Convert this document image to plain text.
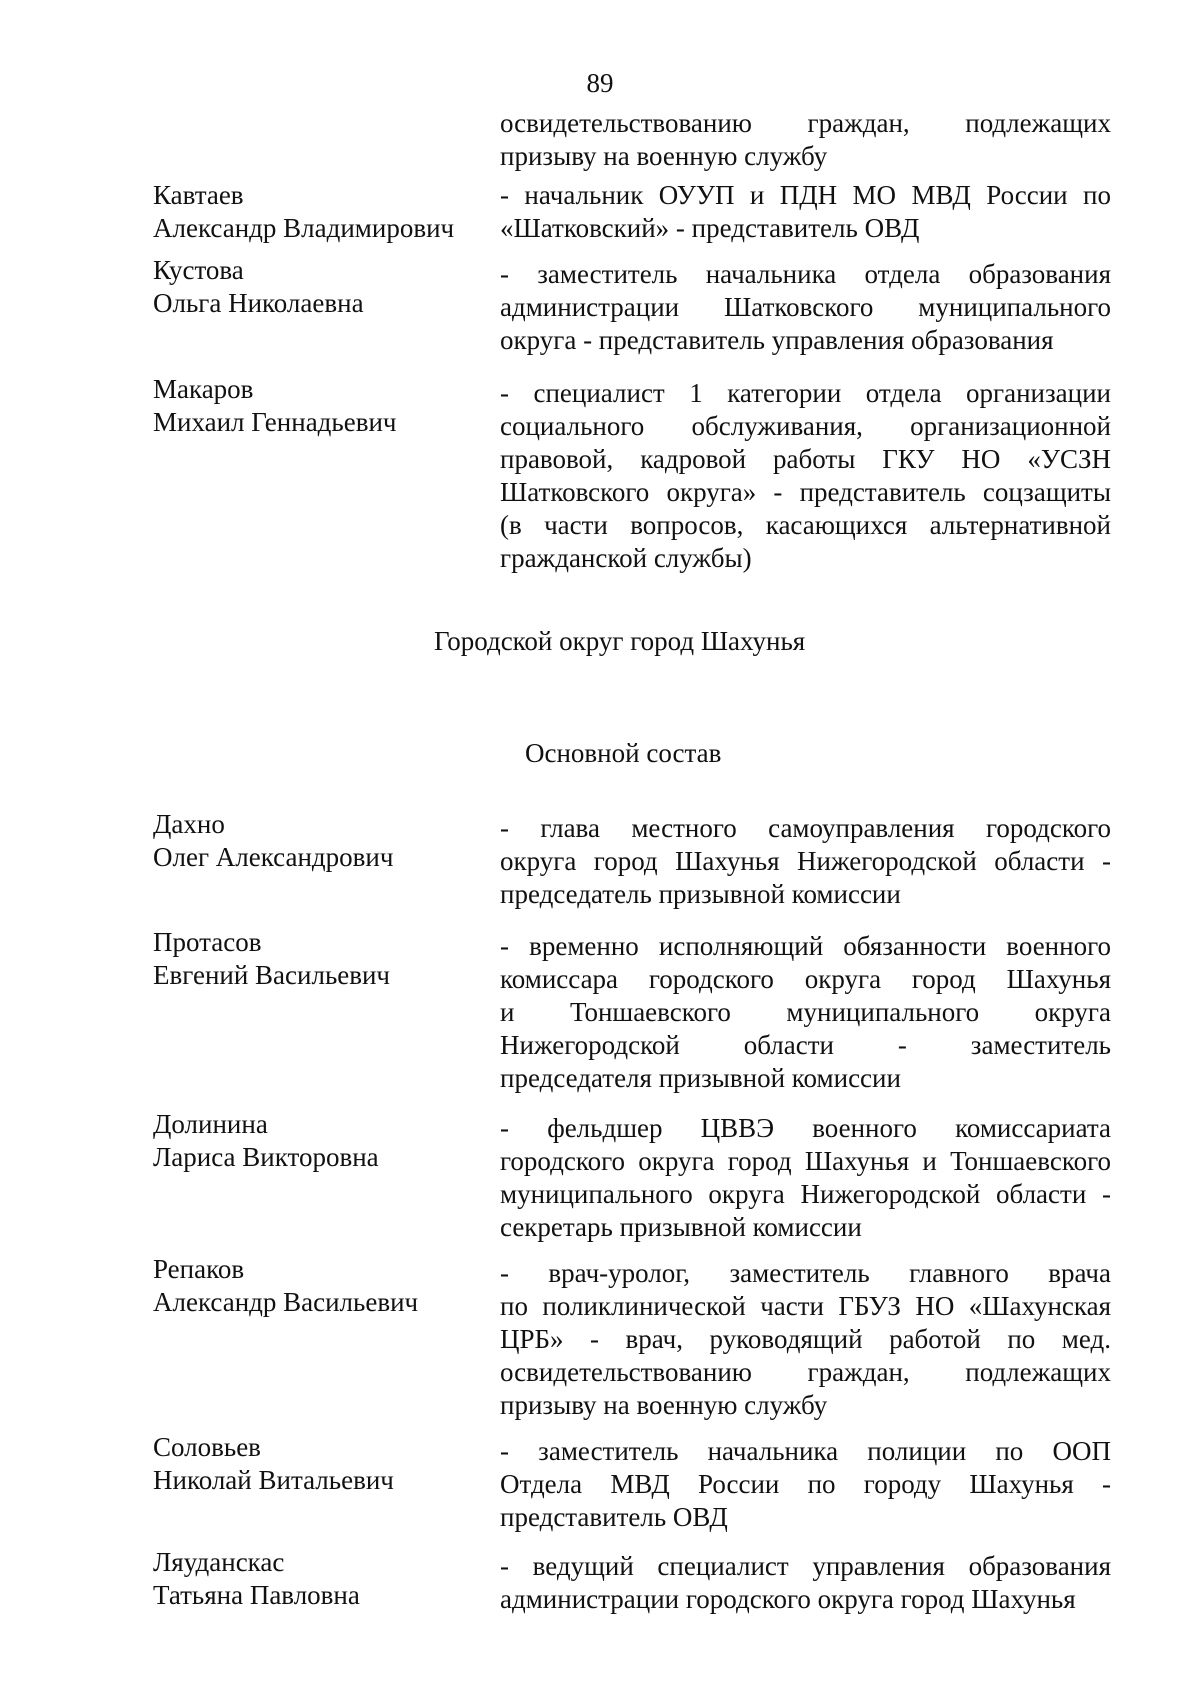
89
освидетельствованию граждан, подлежащих
призыву на военную службу
Кавтаев
Александр Владимирович
- начальник ОУУП и ПДН МО МВД России по
«Шатковский» - представитель ОВД
Кустова
Ольга Николаевна
- заместитель начальника отдела образования
администрации Шатковского муниципального
округа - представитель управления образования
Макаров
Михаил Геннадьевич
- специалист 1 категории отдела организации
социального обслуживания, организационной
правовой, кадровой работы ГКУ НО «УСЗН
Шатковского округа» - представитель соцзащиты
(в части вопросов, касающихся альтернативной
гражданской службы)
Городской округ город Шахунья
Основной состав
Дахно
Олег Александрович
- глава местного самоуправления городского
округа город Шахунья Нижегородской области -
председатель призывной комиссии
Протасов
Евгений Васильевич
- временно исполняющий обязанности военного
комиссара городского округа город Шахунья
и Тоншаевского муниципального округа
Нижегородской области - заместитель
председателя призывной комиссии
Долинина
Лариса Викторовна
- фельдшер ЦВВЭ военного комиссариата
городского округа город Шахунья и Тоншаевского
муниципального округа Нижегородской области -
секретарь призывной комиссии
Репаков
Александр Васильевич
- врач-уролог, заместитель главного врача
по поликлинической части ГБУЗ НО «Шахунская
ЦРБ» - врач, руководящий работой по мед.
освидетельствованию граждан, подлежащих
призыву на военную службу
Соловьев
Николай Витальевич
- заместитель начальника полиции по ООП
Отдела МВД России по городу Шахунья -
представитель ОВД
Ляуданскас
Татьяна Павловна
- ведущий специалист управления образования
администрации городского округа город Шахунья
